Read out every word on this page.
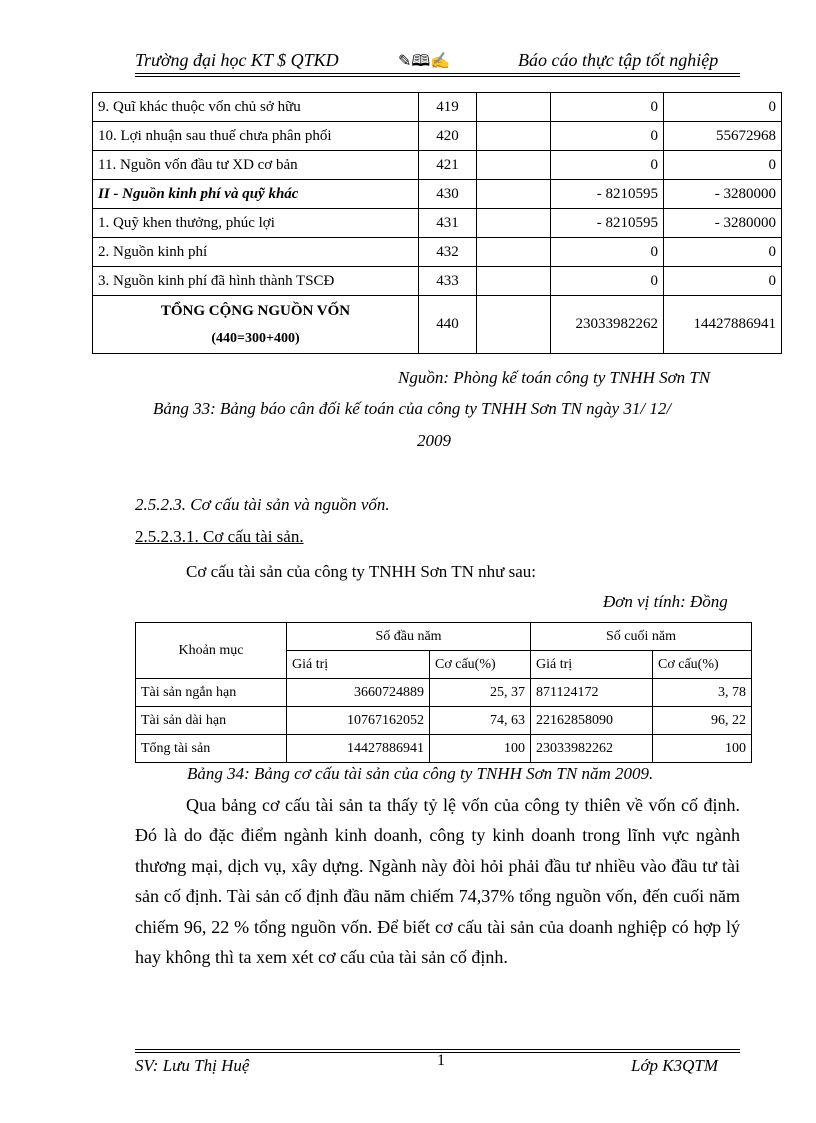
Trường đại học KT $ QTKD	✎🕮✍	Báo cáo thực tập tốt nghiệp
9. Quĩ khác thuộc vốn chủ sở hữu	419		0	0
10. Lợi nhuận sau thuế chưa phân phối	420		0	55672968
11. Nguồn vốn đầu tư XD cơ bản	421		0	0
II - Nguồn kinh phí và quỹ khác	430		- 8210595	- 3280000
1. Quỹ khen thưởng, phúc lợi	431		- 8210595	- 3280000
2. Nguồn kinh phí	432		0	0
3. Nguồn kinh phí đã hình thành TSCĐ	433		0	0

TỔNG CỘNG NGUỒN VỐN
(440=300+400)	440		23033982262	14427886941
Nguồn: Phòng kế toán công ty TNHH Sơn TN
Bảng 33: Bảng báo cân đối kế toán của công ty TNHH Sơn TN ngày 31/ 12/
2009
2.5.2.3. Cơ cấu tài sản và nguồn vốn.
2.5.2.3.1. Cơ cấu tài sản.
Cơ cấu tài sản của công ty TNHH Sơn TN như sau:
Đơn vị tính: Đồng
Khoản mục	Số đầu năm		Số cuối năm	
	Giá trị	Cơ cấu(%)	Giá trị	Cơ cấu(%)
Tài sản ngắn hạn	3660724889	25, 37	871124172	3, 78
Tài sản dài hạn	10767162052	74, 63	22162858090	96, 22
Tổng tài sản	14427886941	100	23033982262	100
Bảng 34: Bảng cơ cấu tài sản của công ty TNHH Sơn TN năm 2009.

Qua bảng cơ cấu tài sản ta thấy tỷ lệ vốn của công ty thiên về vốn cố định. Đó là do đặc điểm ngành kinh doanh, công ty kinh doanh trong lĩnh vực ngành thương mại, dịch vụ, xây dựng. Ngành này đòi hỏi phải đầu tư nhiều vào đầu tư tài sản cố định. Tài sản cố định đầu năm chiếm 74,37% tổng nguồn vốn, đến cuối năm chiếm 96, 22 % tổng nguồn vốn. Để biết cơ cấu tài sản của doanh nghiệp có hợp lý hay không thì ta xem xét cơ cấu của tài sản cố định.

SV: Lưu Thị Huệ	1	Lớp K3QTM
